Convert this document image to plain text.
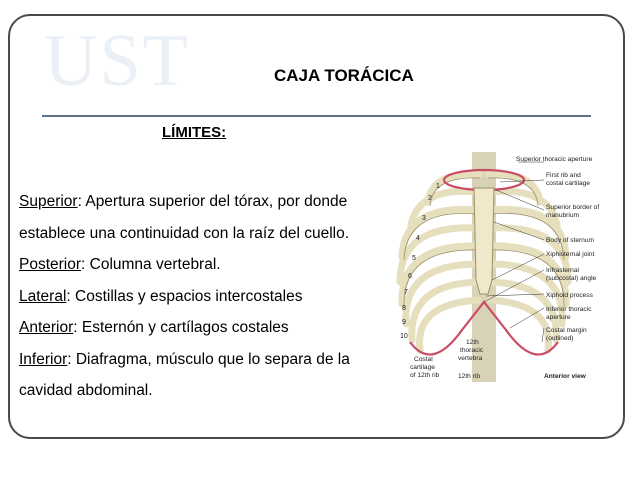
UST	CAJA TORÁCICA
LÍMITES:
Superior: Apertura superior del tórax, por donde establece una continuidad con la raíz del cuello.
Posterior: Columna vertebral.
Lateral: Costillas y espacios intercostales
Anterior: Esternón y cartílagos costales
Inferior: Diafragma, músculo que lo separa de la cavidad abdominal.
1
2
3
4
5
6
7
8
9
10
Superior thoracic aperture
First rib and
costal cartilage
Superior border of
manubrium
Body of sternum
Xiphisternal joint
Infrasternal
(subcostal) angle
Xiphoid process
Inferior thoracic
aperture
Costal margin
(outlined)
Costal
cartilage
of 12th rib
12th
thoracic
vertebra
12th rib	Anterior view
